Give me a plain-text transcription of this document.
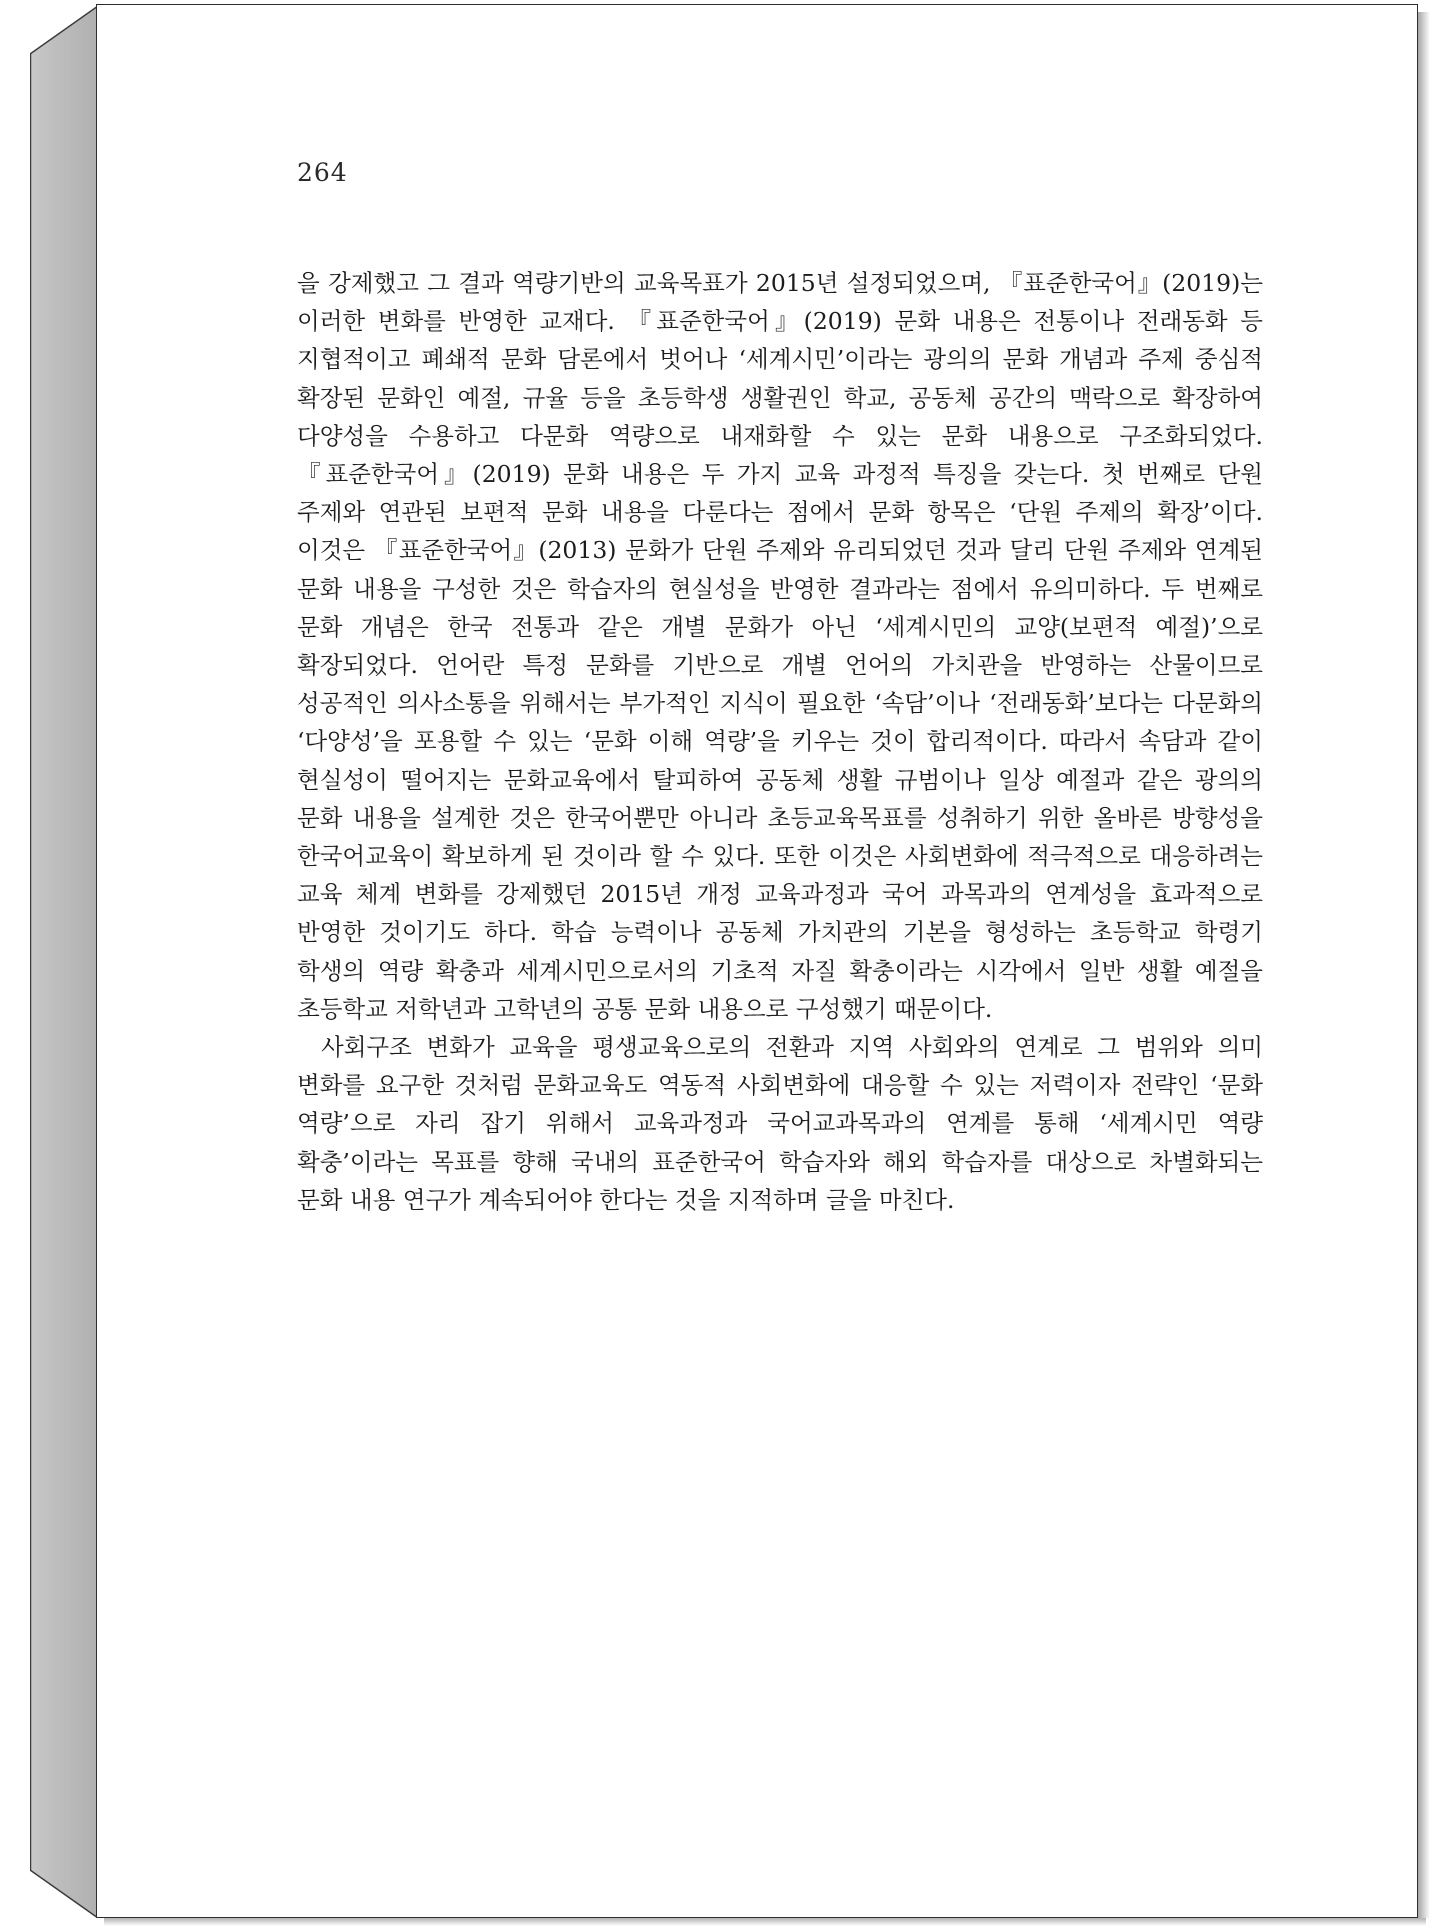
264

을 강제했고 그 결과 역량기반의 교육목표가 2015년 설정되었으며, 『표준한국어』(2019)는 이러한 변화를 반영한 교재다. 『표준한국어』(2019) 문화 내용은 전통이나 전래동화 등 지협적이고 폐쇄적 문화 담론에서 벗어나 ‘세계시민’이라는 광의의 문화 개념과 주제 중심적 확장된 문화인 예절, 규율 등을 초등학생 생활권인 학교, 공동체 공간의 맥락으로 확장하여 다양성을 수용하고 다문화 역량으로 내재화할 수 있는 문화 내용으로 구조화되었다. 『표준한국어』(2019) 문화 내용은 두 가지 교육 과정적 특징을 갖는다. 첫 번째로 단원 주제와 연관된 보편적 문화 내용을 다룬다는 점에서 문화 항목은 ‘단원 주제의 확장’이다. 이것은 『표준한국어』(2013) 문화가 단원 주제와 유리되었던 것과 달리 단원 주제와 연계된 문화 내용을 구성한 것은 학습자의 현실성을 반영한 결과라는 점에서 유의미하다. 두 번째로 문화 개념은 한국 전통과 같은 개별 문화가 아닌 ‘세계시민의 교양(보편적 예절)’으로 확장되었다. 언어란 특정 문화를 기반으로 개별 언어의 가치관을 반영하는 산물이므로 성공적인 의사소통을 위해서는 부가적인 지식이 필요한 ‘속담’이나 ‘전래동화’보다는 다문화의 ‘다양성’을 포용할 수 있는 ‘문화 이해 역량’을 키우는 것이 합리적이다. 따라서 속담과 같이 현실성이 떨어지는 문화교육에서 탈피하여 공동체 생활 규범이나 일상 예절과 같은 광의의 문화 내용을 설계한 것은 한국어뿐만 아니라 초등교육목표를 성취하기 위한 올바른 방향성을 한국어교육이 확보하게 된 것이라 할 수 있다. 또한 이것은 사회변화에 적극적으로 대응하려는 교육 체계 변화를 강제했던 2015년 개정 교육과정과 국어 과목과의 연계성을 효과적으로 반영한 것이기도 하다. 학습 능력이나 공동체 가치관의 기본을 형성하는 초등학교 학령기 학생의 역량 확충과 세계시민으로서의 기초적 자질 확충이라는 시각에서 일반 생활 예절을 초등학교 저학년과 고학년의 공통 문화 내용으로 구성했기 때문이다.

사회구조 변화가 교육을 평생교육으로의 전환과 지역 사회와의 연계로 그 범위와 의미 변화를 요구한 것처럼 문화교육도 역동적 사회변화에 대응할 수 있는 저력이자 전략인 ‘문화 역량’으로 자리 잡기 위해서 교육과정과 국어교과목과의 연계를 통해 ‘세계시민 역량 확충’이라는 목표를 향해 국내의 표준한국어 학습자와 해외 학습자를 대상으로 차별화되는 문화 내용 연구가 계속되어야 한다는 것을 지적하며 글을 마친다.
